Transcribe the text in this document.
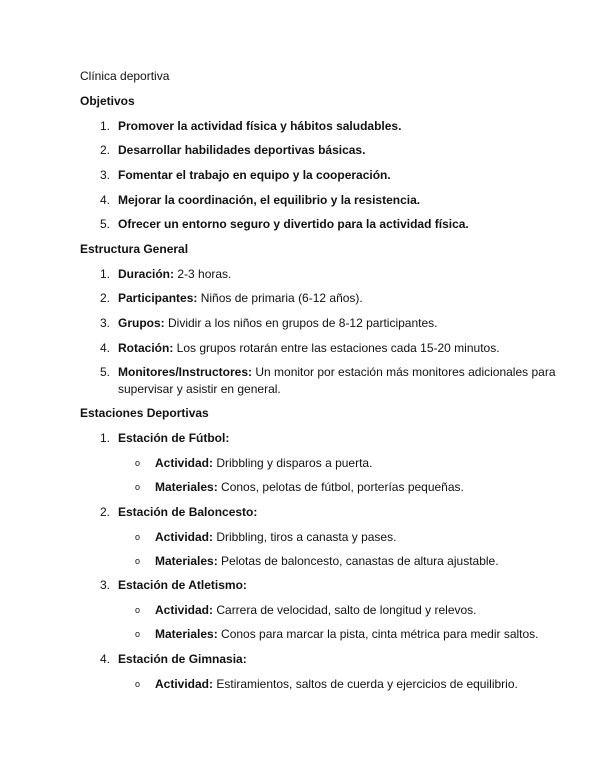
Clínica deportiva
Objetivos
1. Promover la actividad física y hábitos saludables.
2. Desarrollar habilidades deportivas básicas.
3. Fomentar el trabajo en equipo y la cooperación.
4. Mejorar la coordinación, el equilibrio y la resistencia.
5. Ofrecer un entorno seguro y divertido para la actividad física.
Estructura General
1. Duración: 2-3 horas.
2. Participantes: Niños de primaria (6-12 años).
3. Grupos: Dividir a los niños en grupos de 8-12 participantes.
4. Rotación: Los grupos rotarán entre las estaciones cada 15-20 minutos.
5. Monitores/Instructores: Un monitor por estación más monitores adicionales para
supervisar y asistir en general.
Estaciones Deportivas
1. Estación de Fútbol:
o Actividad: Dribbling y disparos a puerta.
o Materiales: Conos, pelotas de fútbol, porterías pequeñas.
2. Estación de Baloncesto:
o Actividad: Dribbling, tiros a canasta y pases.
o Materiales: Pelotas de baloncesto, canastas de altura ajustable.
3. Estación de Atletismo:
o Actividad: Carrera de velocidad, salto de longitud y relevos.
o Materiales: Conos para marcar la pista, cinta métrica para medir saltos.
4. Estación de Gimnasia:
o Actividad: Estiramientos, saltos de cuerda y ejercicios de equilibrio.
